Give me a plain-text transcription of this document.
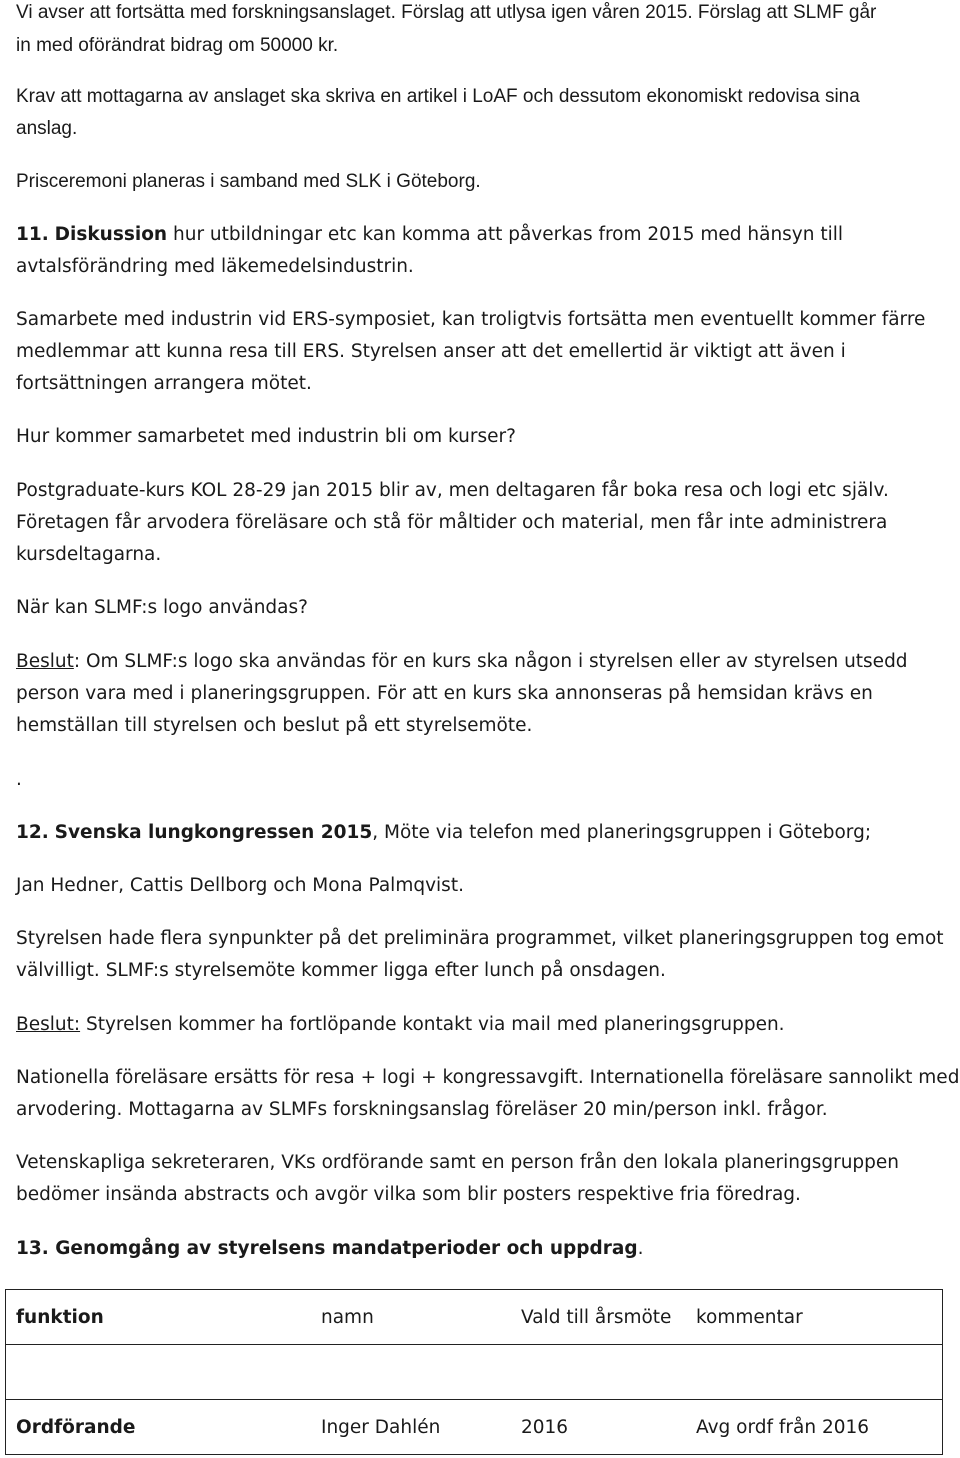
Vi avser att fortsätta med forskningsanslaget. Förslag att utlysa igen våren 2015. Förslag att SLMF går
in med oförändrat bidrag om 50000 kr.
Krav att mottagarna av anslaget ska skriva en artikel i LoAF och dessutom ekonomiskt redovisa sina
anslag.
Prisceremoni planeras i samband med SLK i Göteborg.
11. Diskussion hur utbildningar etc kan komma att påverkas from 2015 med hänsyn till
avtalsförändring med läkemedelsindustrin.
Samarbete med industrin vid ERS-symposiet, kan troligtvis fortsätta men eventuellt kommer färre
medlemmar att kunna resa till ERS. Styrelsen anser att det emellertid är viktigt att även i
fortsättningen arrangera mötet.
Hur kommer samarbetet med industrin bli om kurser?
Postgraduate-kurs KOL 28-29 jan 2015 blir av, men deltagaren får boka resa och logi etc själv.
Företagen får arvodera föreläsare och stå för måltider och material, men får inte administrera
kursdeltagarna.
När kan SLMF:s logo användas?
Beslut: Om SLMF:s logo ska användas för en kurs ska någon i styrelsen eller av styrelsen utsedd
person vara med i planeringsgruppen. För att en kurs ska annonseras på hemsidan krävs en
hemställan till styrelsen och beslut på ett styrelsemöte.
.
12. Svenska lungkongressen 2015, Möte via telefon med planeringsgruppen i Göteborg;
Jan Hedner, Cattis Dellborg och Mona Palmqvist.
Styrelsen hade flera synpunkter på det preliminära programmet, vilket planeringsgruppen tog emot
välvilligt. SLMF:s styrelsemöte kommer ligga efter lunch på onsdagen.
Beslut: Styrelsen kommer ha fortlöpande kontakt via mail med planeringsgruppen.
Nationella föreläsare ersätts för resa + logi + kongressavgift. Internationella föreläsare sannolikt med
arvodering. Mottagarna av SLMFs forskningsanslag föreläser 20 min/person inkl. frågor.
Vetenskapliga sekreteraren, VKs ordförande samt en person från den lokala planeringsgruppen
bedömer insända abstracts och avgör vilka som blir posters respektive fria föredrag.
13. Genomgång av styrelsens mandatperioder och uppdrag.
funktion	namn	Vald till årsmöte	kommentar

Ordförande	Inger Dahlén	2016	Avg ordf från 2016
